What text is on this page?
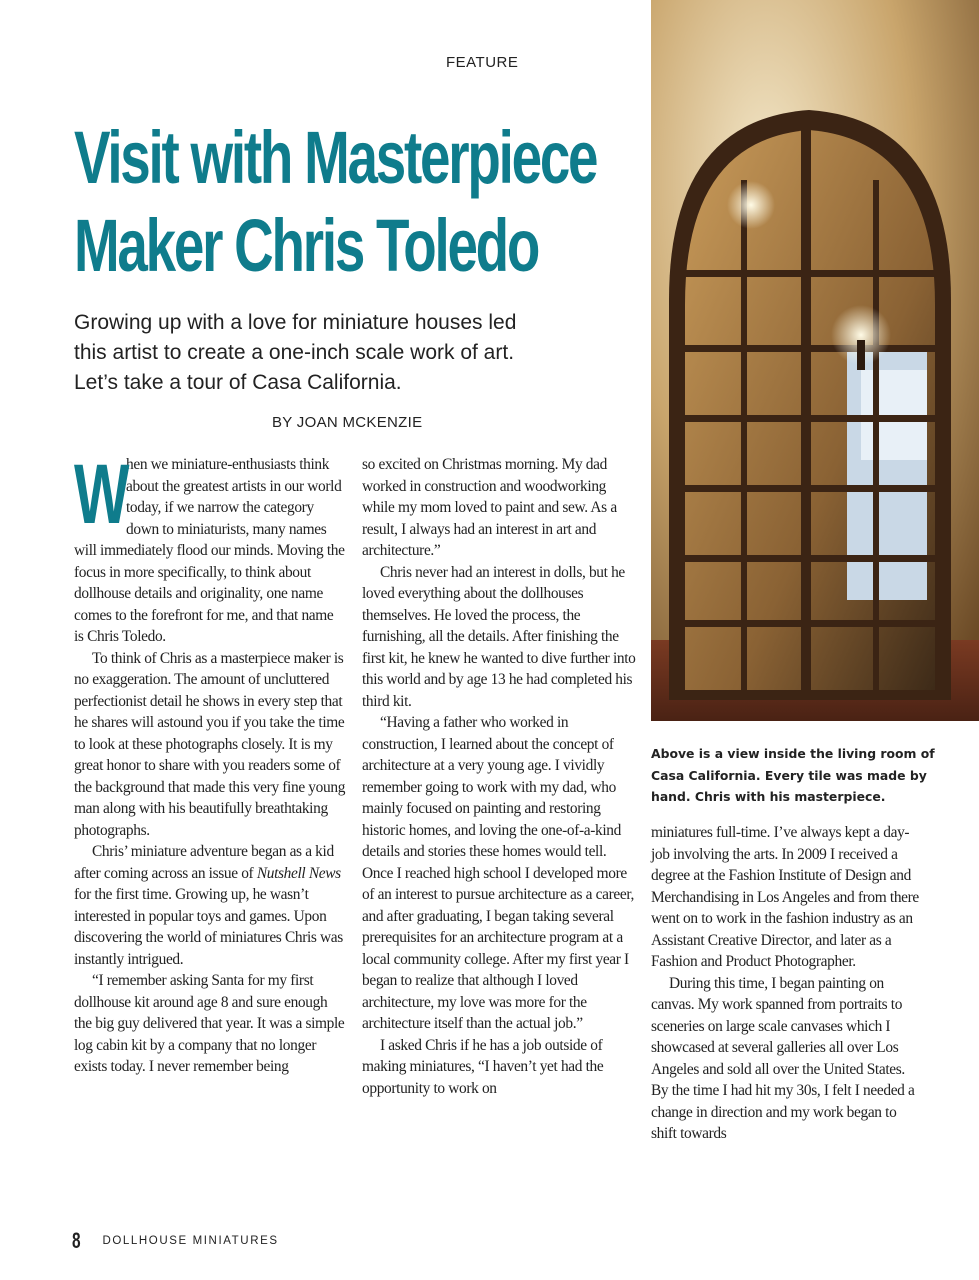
FEATURE
Visit with Masterpiece
Maker Chris Toledo

Growing up with a love for miniature houses led
this artist to create a one-inch scale work of art.
Let’s take a tour of Casa California.

BY JOAN MCKENZIE

W
hen we miniature-enthusiasts think about the greatest artists in our world today, if we narrow the category down to miniaturists, many names will immediately flood our minds. Moving the focus in more specifically, to think about dollhouse details and originality, one name comes to the forefront for me, and that name is Chris Toledo.

To think of Chris as a masterpiece maker is no exaggeration. The amount of uncluttered perfectionist detail he shows in every step that he shares will astound you if you take the time to look at these photographs closely. It is my great honor to share with you readers some of the background that made this very fine young man along with his beautifully breathtaking photographs.

Chris’ miniature adventure began as a kid after coming across an issue of Nutshell News for the first time. Growing up, he wasn’t interested in popular toys and games. Upon discovering the world of miniatures Chris was instantly intrigued.

“I remember asking Santa for my first dollhouse kit around age 8 and sure enough the big guy delivered that year. It was a simple log cabin kit by a company that no longer exists today. I never remember being

so excited on Christmas morning. My dad worked in construction and woodworking while my mom loved to paint and sew. As a result, I always had an interest in art and architecture.”

Chris never had an interest in dolls, but he loved everything about the dollhouses themselves. He loved the process, the furnishing, all the details. After finishing the first kit, he knew he wanted to dive further into this world and by age 13 he had completed his third kit.

“Having a father who worked in construction, I learned about the concept of architecture at a very young age. I vividly remember going to work with my dad, who mainly focused on painting and restoring historic homes, and loving the one-of-a-kind details and stories these homes would tell. Once I reached high school I developed more of an interest to pursue architecture as a career, and after graduating, I began taking several prerequisites for an architecture program at a local community college. After my first year I began to realize that although I loved architecture, my love was more for the architecture itself than the actual job.”

I asked Chris if he has a job outside of making miniatures, “I haven’t yet had the opportunity to work on

Above is a view inside the living room of Casa California. Every tile was made by hand. Chris with his masterpiece.

miniatures full-time. I’ve always kept a day-job involving the arts. In 2009 I received a degree at the Fashion Institute of Design and Merchandising in Los Angeles and from there went on to work in the fashion industry as an Assistant Creative Director, and later as a Fashion and Product Photographer.

During this time, I began painting on canvas. My work spanned from portraits to sceneries on large scale canvases which I showcased at several galleries all over Los Angeles and sold all over the United States. By the time I had hit my 30s, I felt I needed a change in direction and my work began to shift towards

8 DOLLHOUSE MINIATURES
